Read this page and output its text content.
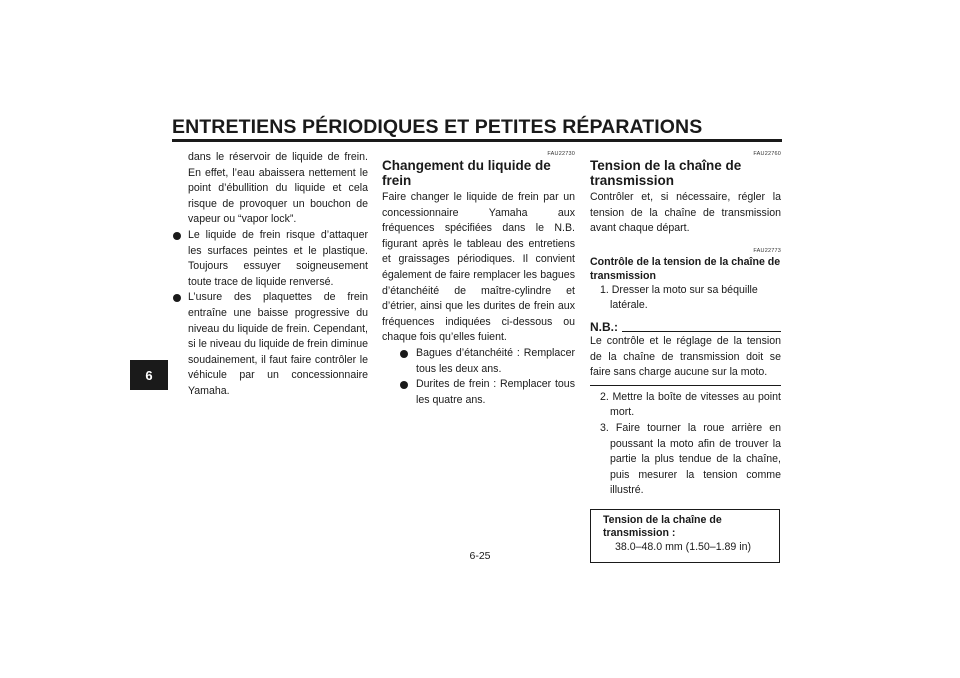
ENTRETIENS PÉRIODIQUES ET PETITES RÉPARATIONS
6

dans le réservoir de liquide de frein. En effet, l’eau abaissera nettement le point d’ébullition du liquide et cela risque de provoquer un bouchon de vapeur ou “vapor lock”.

Le liquide de frein risque d’attaquer les surfaces peintes et le plastique. Toujours essuyer soigneusement toute trace de liquide renversé.

L’usure des plaquettes de frein entraîne une baisse progressive du niveau du liquide de frein. Cependant, si le niveau du liquide de frein diminue soudainement, il faut faire contrôler le véhicule par un concessionnaire Yamaha.

FAU22730
Changement du liquide de frein

Faire changer le liquide de frein par un concessionnaire Yamaha aux fréquences spécifiées dans le N.B. figurant après le tableau des entretiens et graissages périodiques. Il convient également de faire remplacer les bagues d’étanchéité de maître-cylindre et d’étrier, ainsi que les durites de frein aux fréquences indiquées ci-dessous ou chaque fois qu’elles fuient.

Bagues d’étanchéité : Remplacer tous les deux ans.

Durites de frein : Remplacer tous les quatre ans.

FAU22760
Tension de la chaîne de transmission

Contrôler et, si nécessaire, régler la tension de la chaîne de transmission avant chaque départ.

FAU22773
Contrôle de la tension de la chaîne de transmission

1. Dresser la moto sur sa béquille latérale.

N.B.:

Le contrôle et le réglage de la tension de la chaîne de transmission doit se faire sans charge aucune sur la moto.

2. Mettre la boîte de vitesses au point mort.

3. Faire tourner la roue arrière en poussant la moto afin de trouver la partie la plus tendue de la chaîne, puis mesurer la tension comme illustré.

Tension de la chaîne de transmission :
38.0–48.0 mm (1.50–1.89 in)
6-25
